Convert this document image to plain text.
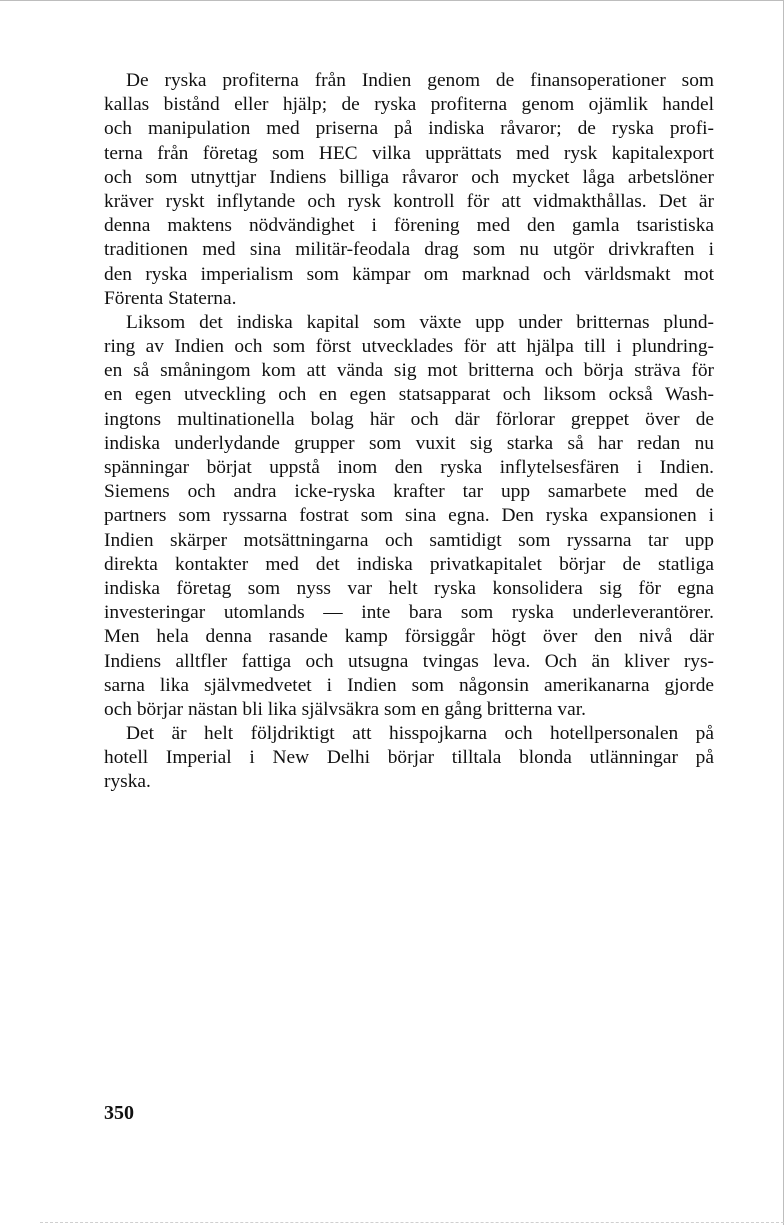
De ryska profiterna från Indien genom de finansoperationer som
kallas bistånd eller hjälp; de ryska profiterna genom ojämlik handel
och manipulation med priserna på indiska råvaror; de ryska profi-
terna från företag som HEC vilka upprättats med rysk kapitalexport
och som utnyttjar Indiens billiga råvaror och mycket låga arbetslöner
kräver ryskt inflytande och rysk kontroll för att vidmakthållas. Det är
denna maktens nödvändighet i förening med den gamla tsaristiska
traditionen med sina militär-feodala drag som nu utgör drivkraften i
den ryska imperialism som kämpar om marknad och världsmakt mot
Förenta Staterna.
Liksom det indiska kapital som växte upp under britternas plund-
ring av Indien och som först utvecklades för att hjälpa till i plundring-
en så småningom kom att vända sig mot britterna och börja sträva för
en egen utveckling och en egen statsapparat och liksom också Wash-
ingtons multinationella bolag här och där förlorar greppet över de
indiska underlydande grupper som vuxit sig starka så har redan nu
spänningar börjat uppstå inom den ryska inflytelsesfären i Indien.
Siemens och andra icke-ryska krafter tar upp samarbete med de
partners som ryssarna fostrat som sina egna. Den ryska expansionen i
Indien skärper motsättningarna och samtidigt som ryssarna tar upp
direkta kontakter med det indiska privatkapitalet börjar de statliga
indiska företag som nyss var helt ryska konsolidera sig för egna
investeringar utomlands — inte bara som ryska underleverantörer.
Men hela denna rasande kamp försiggår högt över den nivå där
Indiens alltfler fattiga och utsugna tvingas leva. Och än kliver rys-
sarna lika självmedvetet i Indien som någonsin amerikanarna gjorde
och börjar nästan bli lika självsäkra som en gång britterna var.
Det är helt följdriktigt att hisspojkarna och hotellpersonalen på
hotell Imperial i New Delhi börjar tilltala blonda utlänningar på
ryska.
350
